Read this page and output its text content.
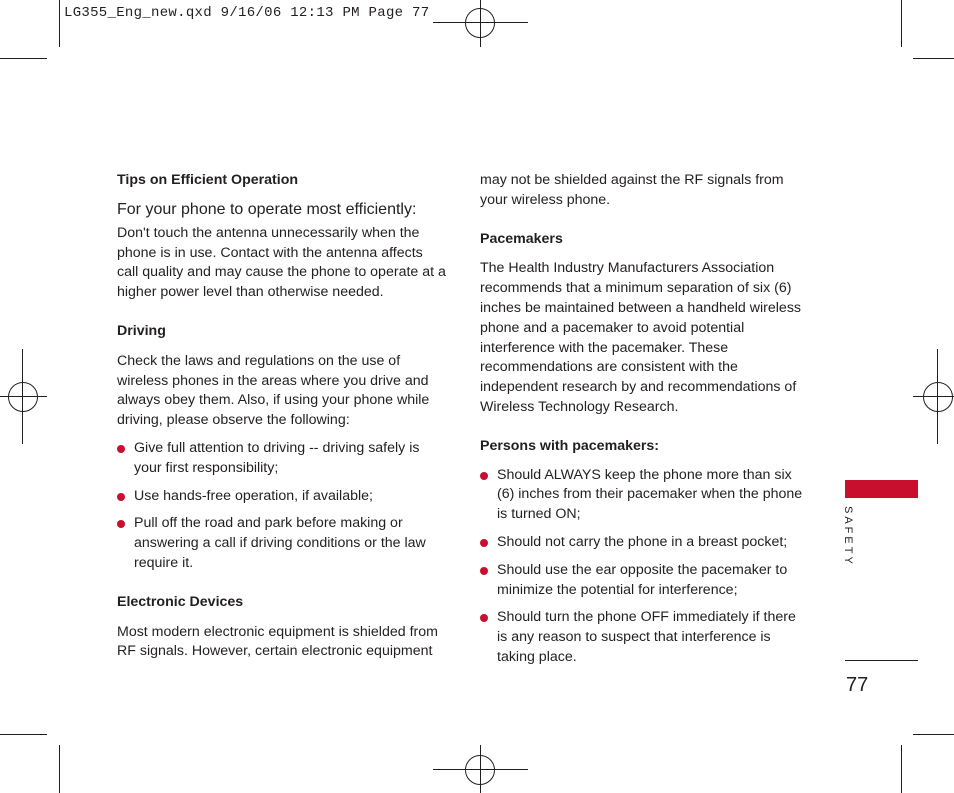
LG355_Eng_new.qxd 9/16/06 12:13 PM Page 77

Tips on Efficient Operation

For your phone to operate most efficiently:

Don't touch the antenna unnecessarily when the phone is in use. Contact with the antenna affects call quality and may cause the phone to operate at a higher power level than otherwise needed.

Driving

Check the laws and regulations on the use of wireless phones in the areas where you drive and always obey them. Also, if using your phone while driving, please observe the following:

Give full attention to driving -- driving safely is your first responsibility;
Use hands-free operation, if available;
Pull off the road and park before making or answering a call if driving conditions or the law require it.

Electronic Devices

Most modern electronic equipment is shielded from RF signals. However, certain electronic equipment

may not be shielded against the RF signals from your wireless phone.

Pacemakers

The Health Industry Manufacturers Association recommends that a minimum separation of six (6) inches be maintained between a handheld wireless phone and a pacemaker to avoid potential interference with the pacemaker. These recommendations are consistent with the independent research by and recommendations of Wireless Technology Research.

Persons with pacemakers:

Should ALWAYS keep the phone more than six (6) inches from their pacemaker when the phone is turned ON;
Should not carry the phone in a breast pocket;
Should use the ear opposite the pacemaker to minimize the potential for interference;
Should turn the phone OFF immediately if there is any reason to suspect that interference is taking place.
SAFETY
77
